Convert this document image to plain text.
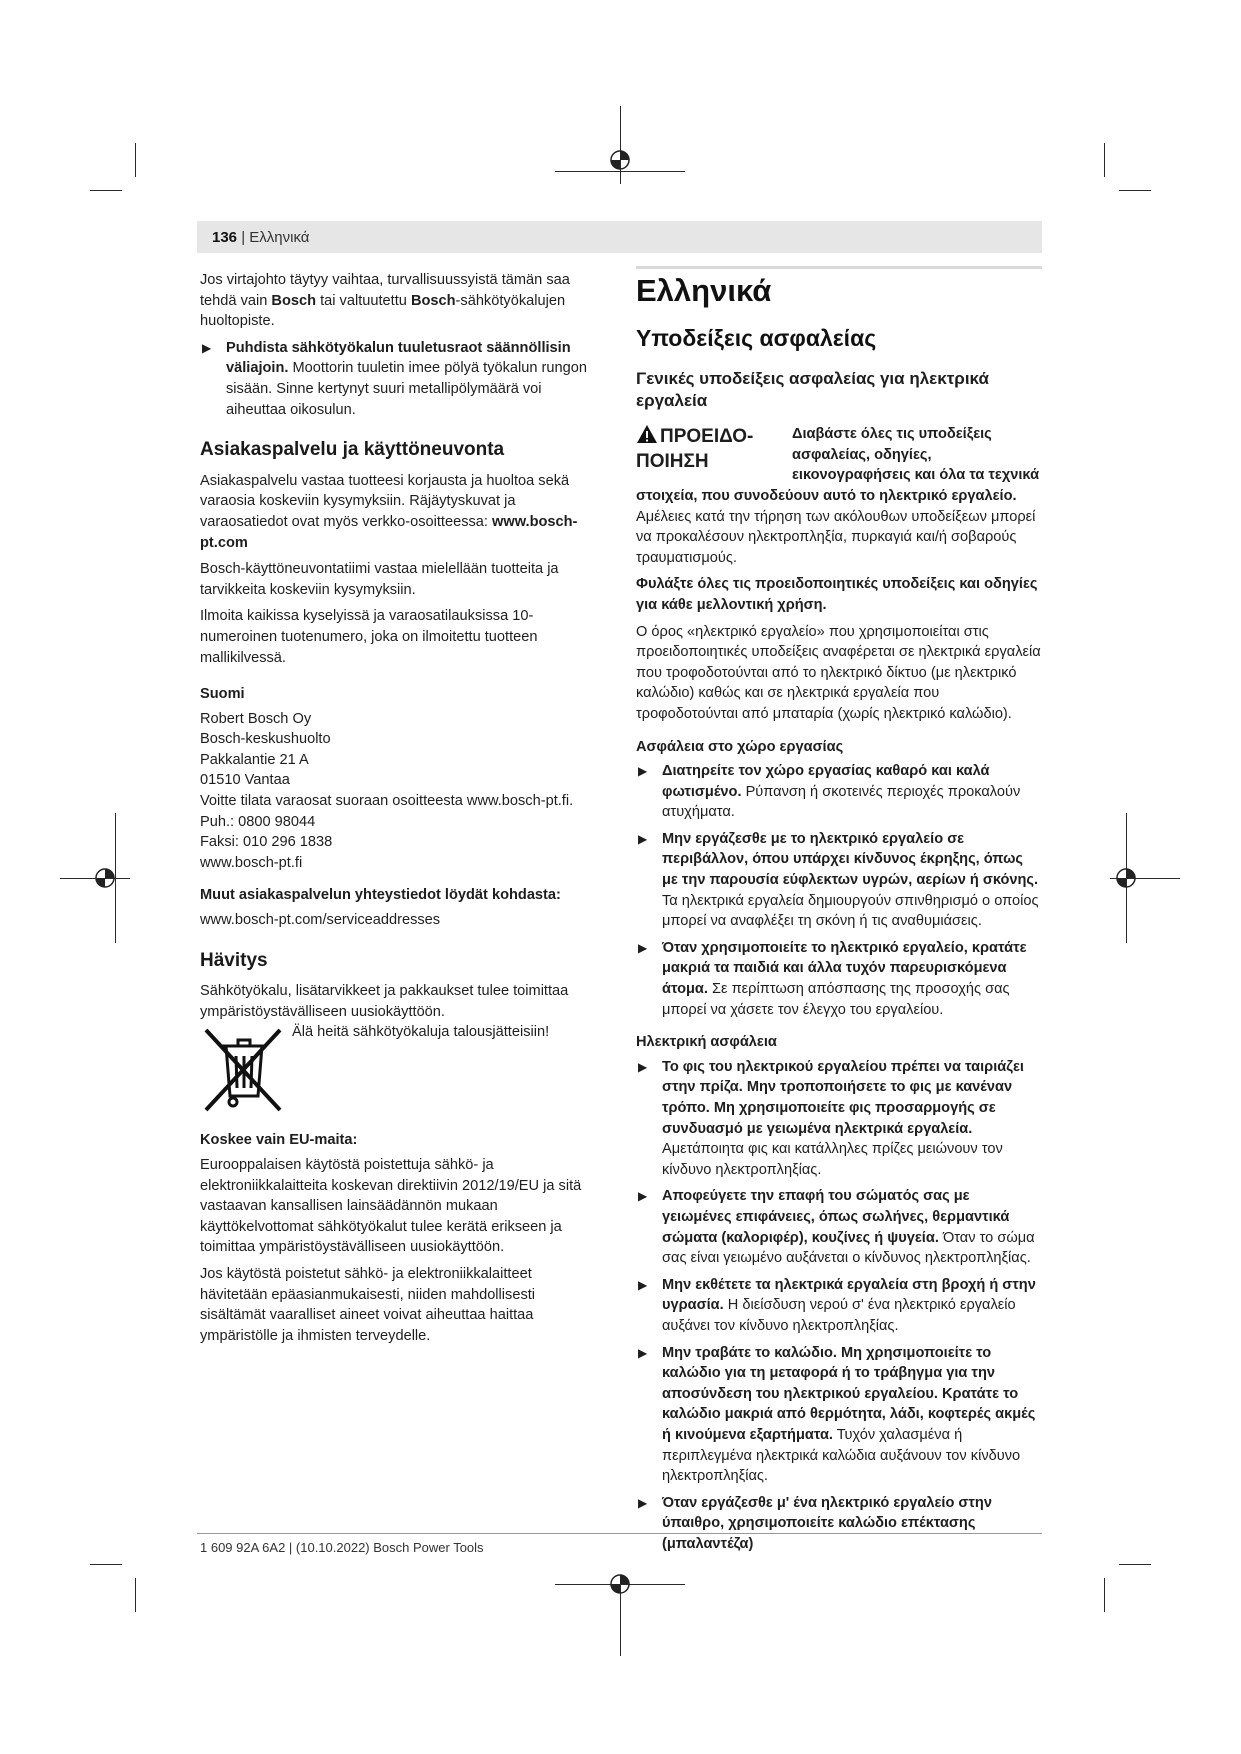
136 | Ελληνικά

Jos virtajohto täytyy vaihtaa, turvallisuussyistä tämän saa tehdä vain Bosch tai valtuutettu Bosch-sähkötyökalujen huoltopiste.

▶ Puhdista sähkötyökalun tuuletusraot säännöllisin väliajoin. Moottorin tuuletin imee pölyä työkalun rungon sisään. Sinne kertynyt suuri metallipölymäärä voi aiheuttaa oikosulun.
Asiakaspalvelu ja käyttöneuvonta

Asiakaspalvelu vastaa tuotteesi korjausta ja huoltoa sekä varaosia koskeviin kysymyksiin. Räjäytyskuvat ja varaosatiedot ovat myös verkko-osoitteessa: www.bosch-pt.com

Bosch-käyttöneuvontatiimi vastaa mielellään tuotteita ja tarvikkeita koskeviin kysymyksiin.

Ilmoita kaikissa kyselyissä ja varaosatilauksissa 10-numeroinen tuotenumero, joka on ilmoitettu tuotteen mallikilvessä.

Suomi
Robert Bosch Oy
Bosch-keskushuolto
Pakkalantie 21 A
01510 Vantaa
Voitte tilata varaosat suoraan osoitteesta www.bosch-pt.fi.
Puh.: 0800 98044
Faksi: 010 296 1838
www.bosch-pt.fi
Muut asiakaspalvelun yhteystiedot löydät kohdasta:

www.bosch-pt.com/serviceaddresses

Hävitys

Sähkötyökalu, lisätarvikkeet ja pakkaukset tulee toimittaa ympäristöystävälliseen uusiokäyttöön.

Älä heitä sähkötyökaluja talousjätteisiin!
Koskee vain EU-maita:

Eurooppalaisen käytöstä poistettuja sähkö- ja elektroniikkalaitteita koskevan direktiivin 2012/19/EU ja sitä vastaavan kansallisen lainsäädännön mukaan käyttökelvottomat sähkötyökalut tulee kerätä erikseen ja toimittaa ympäristöystävälliseen uusiokäyttöön.

Jos käytöstä poistetut sähkö- ja elektroniikkalaitteet hävitetään epäasianmukaisesti, niiden mahdollisesti sisältämät vaaralliset aineet voivat aiheuttaa haittaa ympäristölle ja ihmisten terveydelle.

Ελληνικά
Υποδείξεις ασφαλείας
Γενικές υποδείξεις ασφαλείας για ηλεκτρικά εργαλεία
ΠΡΟΕΙΔΟ-ΠΟΙΗΣΗ

Διαβάστε όλες τις υποδείξεις ασφαλείας, οδηγίες, εικονογραφήσεις και όλα τα τεχνικά στοιχεία, που συνοδεύουν αυτό το ηλεκτρικό εργαλείο. Αμέλειες κατά την τήρηση των ακόλουθων υποδείξεων μπορεί να προκαλέσουν ηλεκτροπληξία, πυρκαγιά και/ή σοβαρούς τραυματισμούς.

Φυλάξτε όλες τις προειδοποιητικές υποδείξεις και οδηγίες για κάθε μελλοντική χρήση.

Ο όρος «ηλεκτρικό εργαλείο» που χρησιμοποιείται στις προειδοποιητικές υποδείξεις αναφέρεται σε ηλεκτρικά εργαλεία που τροφοδοτούνται από το ηλεκτρικό δίκτυο (με ηλεκτρικό καλώδιο) καθώς και σε ηλεκτρικά εργαλεία που τροφοδοτούνται από μπαταρία (χωρίς ηλεκτρικό καλώδιο).

Ασφάλεια στο χώρο εργασίας
▶ Διατηρείτε τον χώρο εργασίας καθαρό και καλά φωτισμένο. Ρύπανση ή σκοτεινές περιοχές προκαλούν ατυχήματα.
▶ Μην εργάζεσθε με το ηλεκτρικό εργαλείο σε περιβάλλον, όπου υπάρχει κίνδυνος έκρηξης, όπως με την παρουσία εύφλεκτων υγρών, αερίων ή σκόνης. Τα ηλεκτρικά εργαλεία δημιουργούν σπινθηρισμό ο οποίος μπορεί να αναφλέξει τη σκόνη ή τις αναθυμιάσεις.
▶ Όταν χρησιμοποιείτε το ηλεκτρικό εργαλείο, κρατάτε μακριά τα παιδιά και άλλα τυχόν παρευρισκόμενα άτομα. Σε περίπτωση απόσπασης της προσοχής σας μπορεί να χάσετε τον έλεγχο του εργαλείου.
Ηλεκτρική ασφάλεια
▶ Το φις του ηλεκτρικού εργαλείου πρέπει να ταιριάζει στην πρίζα. Μην τροποποιήσετε το φις με κανέναν τρόπο. Μη χρησιμοποιείτε φις προσαρμογής σε συνδυασμό με γειωμένα ηλεκτρικά εργαλεία. Αμετάποιητα φις και κατάλληλες πρίζες μειώνουν τον κίνδυνο ηλεκτροπληξίας.
▶ Αποφεύγετε την επαφή του σώματός σας με γειωμένες επιφάνειες, όπως σωλήνες, θερμαντικά σώματα (καλοριφέρ), κουζίνες ή ψυγεία. Όταν το σώμα σας είναι γειωμένο αυξάνεται ο κίνδυνος ηλεκτροπληξίας.
▶ Μην εκθέτετε τα ηλεκτρικά εργαλεία στη βροχή ή στην υγρασία. Η διείσδυση νερού σ' ένα ηλεκτρικό εργαλείο αυξάνει τον κίνδυνο ηλεκτροπληξίας.
▶ Μην τραβάτε το καλώδιο. Μη χρησιμοποιείτε το καλώδιο για τη μεταφορά ή το τράβηγμα για την αποσύνδεση του ηλεκτρικού εργαλείου. Κρατάτε το καλώδιο μακριά από θερμότητα, λάδι, κοφτερές ακμές ή κινούμενα εξαρτήματα. Τυχόν χαλασμένα ή περιπλεγμένα ηλεκτρικά καλώδια αυξάνουν τον κίνδυνο ηλεκτροπληξίας.
▶ Όταν εργάζεσθε μ' ένα ηλεκτρικό εργαλείο στην ύπαιθρο, χρησιμοποιείτε καλώδιο επέκτασης (μπαλαντέζα)
1 609 92A 6A2 | (10.10.2022) Bosch Power Tools
